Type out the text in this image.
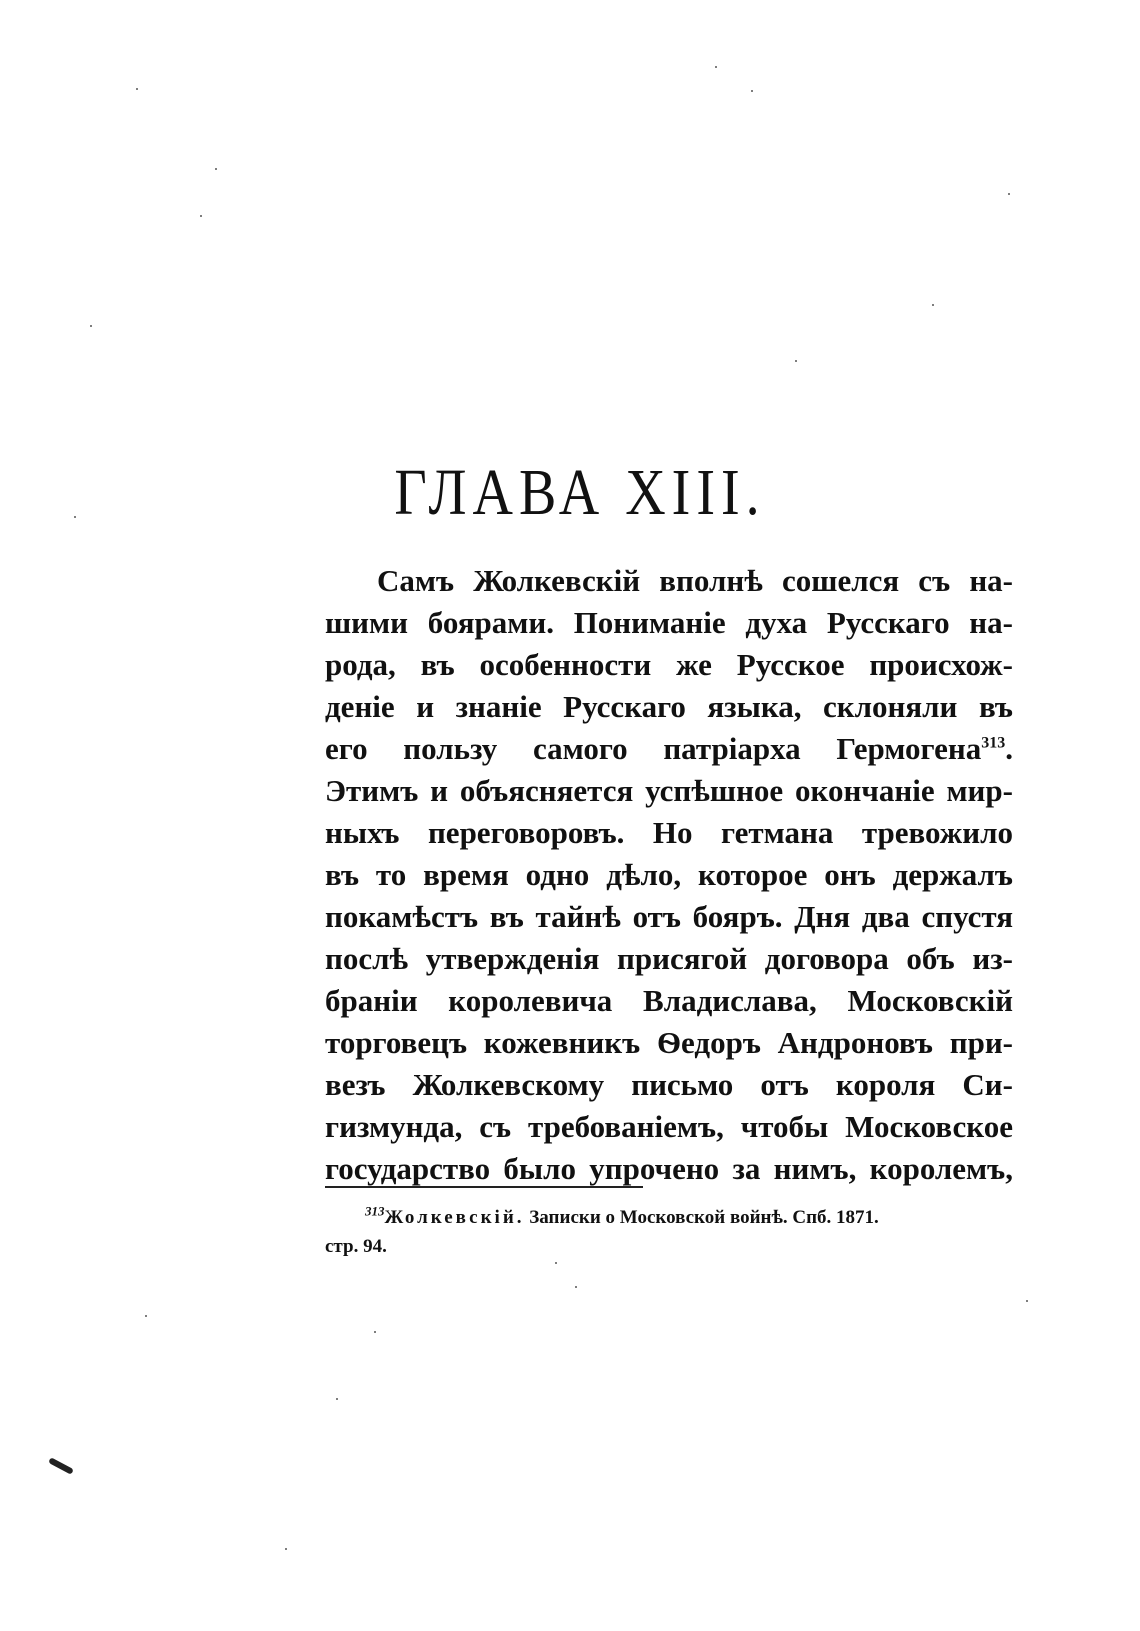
ГЛАВА XIII.
Самъ Жолкевскій вполнѣ сошелся съ на-
шими боярами. Пониманіе духа Русскаго на-
рода, въ особенности же Русское происхож-
деніе и знаніе Русскаго языка, склоняли въ
его пользу самого патріарха Гермогена$^{313}$.
Этимъ и объясняется успѣшное окончаніе мир-
ныхъ переговоровъ. Но гетмана тревожило
въ то время одно дѣло, которое онъ держалъ
покамѣстъ въ тайнѣ отъ бояръ. Дня два спустя
послѣ утвержденія присягой договора объ из-
браніи королевича Владислава, Московскій
торговецъ кожевникъ Ѳедоръ Андроновъ при-
везъ Жолкевскому письмо отъ короля Си-
гизмунда, съ требованіемъ, чтобы Московское
государство было упрочено за нимъ, королемъ,
$^{313}$Жолкевскій. Записки о Московской войнѣ. Спб. 1871.
стр. 94.
